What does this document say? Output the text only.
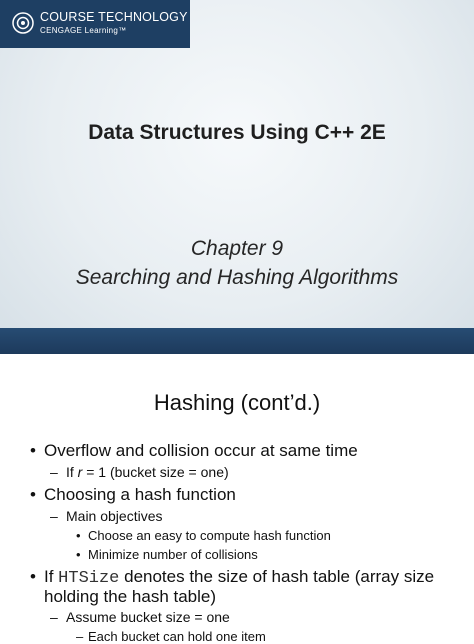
COURSE TECHNOLOGY
CENGAGE Learning™
Data Structures Using C++ 2E
Chapter 9
Searching and Hashing Algorithms
Hashing (cont’d.)
• Overflow and collision occur at same time
– If r = 1 (bucket size = one)
• Choosing a hash function
– Main objectives
• Choose an easy to compute hash function
• Minimize number of collisions
• If HTSize denotes the size of hash table (array size
holding the hash table)
– Assume bucket size = one
– Each bucket can hold one item
